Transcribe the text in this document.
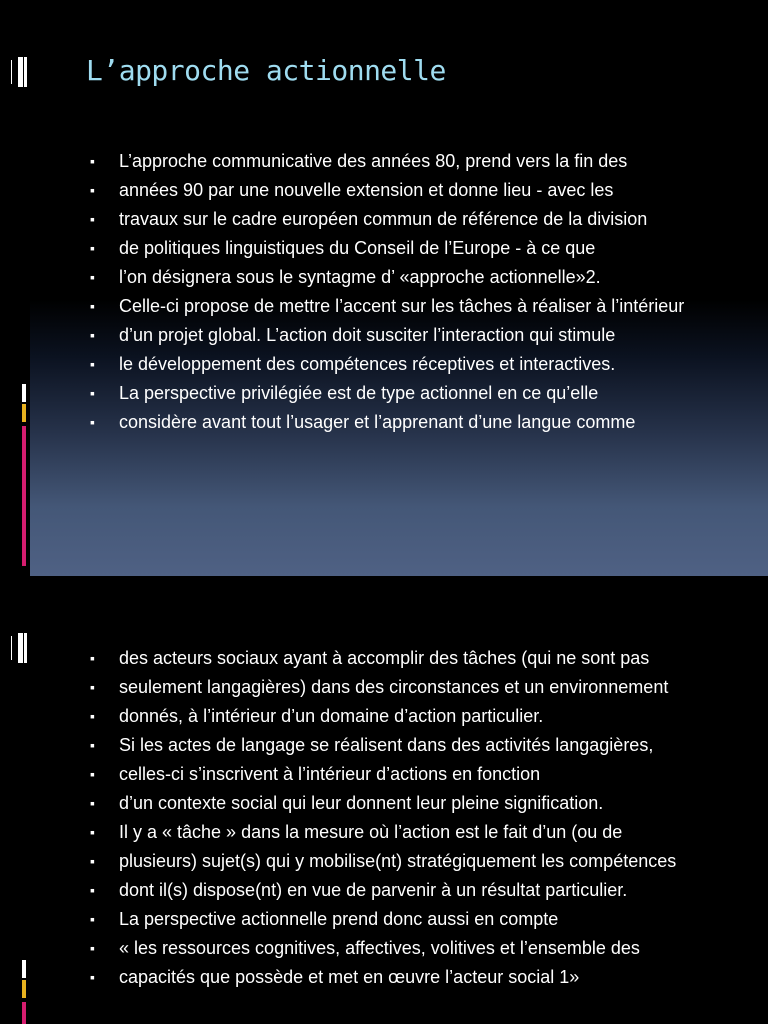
L’approche actionnelle
▪ L’approche communicative des années 80, prend vers la fin des
▪ années 90 par une nouvelle extension et donne lieu - avec les
▪ travaux sur le cadre européen commun de référence de la division
▪ de politiques linguistiques du Conseil de l’Europe - à ce que
▪ l’on désignera sous le syntagme d’ «approche actionnelle»2.
▪ Celle-ci propose de mettre l’accent sur les tâches à réaliser à l’intérieur
▪ d’un projet global. L’action doit susciter l’interaction qui stimule
▪ le développement des compétences réceptives et interactives.
▪ La perspective privilégiée est de type actionnel en ce qu’elle
▪ considère avant tout l’usager et l’apprenant d’une langue comme
▪ des acteurs sociaux ayant à accomplir des tâches (qui ne sont pas
▪ seulement langagières) dans des circonstances et un environnement
▪ donnés, à l’intérieur d’un domaine d’action particulier.
▪ Si les actes de langage se réalisent dans des activités langagières,
▪ celles-ci s’inscrivent à l’intérieur d’actions en fonction
▪ d’un contexte social qui leur donnent leur pleine signification.
▪ Il y a « tâche » dans la mesure où l’action est le fait d’un (ou de
▪ plusieurs) sujet(s) qui y mobilise(nt) stratégiquement les compétences
▪ dont il(s) dispose(nt) en vue de parvenir à un résultat particulier.
▪ La perspective actionnelle prend donc aussi en compte
▪ « les ressources cognitives, affectives, volitives et l’ensemble des
▪ capacités que possède et met en œuvre l’acteur social 1»
